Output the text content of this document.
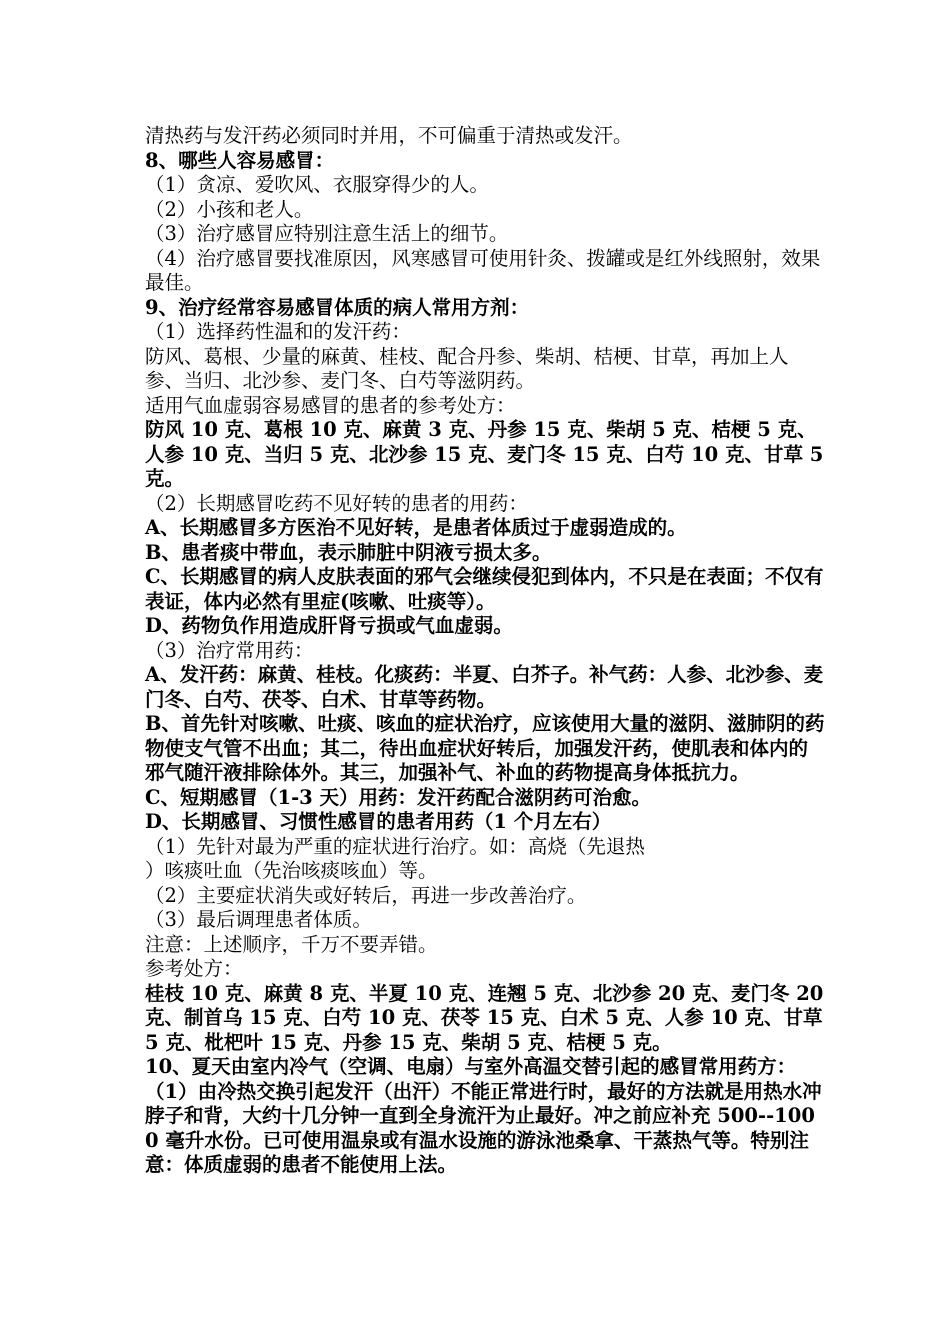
清热药与发汗药必须同时并用，不可偏重于清热或发汗。

8、哪些人容易感冒：

（1）贪凉、爱吹风、衣服穿得少的人。

（2）小孩和老人。

（3）治疗感冒应特别注意生活上的细节。

（4）治疗感冒要找准原因，风寒感冒可使用针灸、拨罐或是红外线照射，效果最佳。

9、治疗经常容易感冒体质的病人常用方剂：

（1）选择药性温和的发汗药：

防风、葛根、少量的麻黄、桂枝、配合丹参、柴胡、桔梗、甘草，再加上人参、当归、北沙参、麦门冬、白芍等滋阴药。

适用气血虚弱容易感冒的患者的参考处方：

防风 10 克、葛根 10 克、麻黄 3 克、丹参 15 克、柴胡 5 克、桔梗 5 克、人参 10 克、当归 5 克、北沙参 15 克、麦门冬 15 克、白芍 10 克、甘草 5 克。

（2）长期感冒吃药不见好转的患者的用药：

A、长期感冒多方医治不见好转，是患者体质过于虚弱造成的。

B、患者痰中带血，表示肺脏中阴液亏损太多。

C、长期感冒的病人皮肤表面的邪气会继续侵犯到体内，不只是在表面；不仅有表证，体内必然有里症(咳嗽、吐痰等）。

D、药物负作用造成肝肾亏损或气血虚弱。

（3）治疗常用药：

A、发汗药：麻黄、桂枝。化痰药：半夏、白芥子。补气药：人参、北沙参、麦门冬、白芍、茯苓、白术、甘草等药物。

B、首先针对咳嗽、吐痰、咳血的症状治疗，应该使用大量的滋阴、滋肺阴的药物使支气管不出血；其二，待出血症状好转后，加强发汗药，使肌表和体内的邪气随汗液排除体外。其三，加强补气、补血的药物提高身体抵抗力。

C、短期感冒（1-3 天）用药：发汗药配合滋阴药可治愈。

D、长期感冒、习惯性感冒的患者用药（1 个月左右）

（1）先针对最为严重的症状进行治疗。如：高烧（先退热

）咳痰吐血（先治咳痰咳血）等。

（2）主要症状消失或好转后，再进一步改善治疗。

（3）最后调理患者体质。

注意：上述顺序，千万不要弄错。

参考处方：

桂枝 10 克、麻黄 8 克、半夏 10 克、连翘 5 克、北沙参 20 克、麦门冬 20 克、制首乌 15 克、白芍 10 克、茯苓 15 克、白术 5 克、人参 10 克、甘草 5 克、枇杷叶 15 克、丹参 15 克、柴胡 5 克、桔梗 5 克。

10、夏天由室内冷气（空调、电扇）与室外高温交替引起的感冒常用药方：

（1）由冷热交换引起发汗（出汗）不能正常进行时，最好的方法就是用热水冲脖子和背，大约十几分钟一直到全身流汗为止最好。冲之前应补充 500--1000 毫升水份。已可使用温泉或有温水设施的游泳池桑拿、干蒸热气等。特别注意：体质虚弱的患者不能使用上法。
